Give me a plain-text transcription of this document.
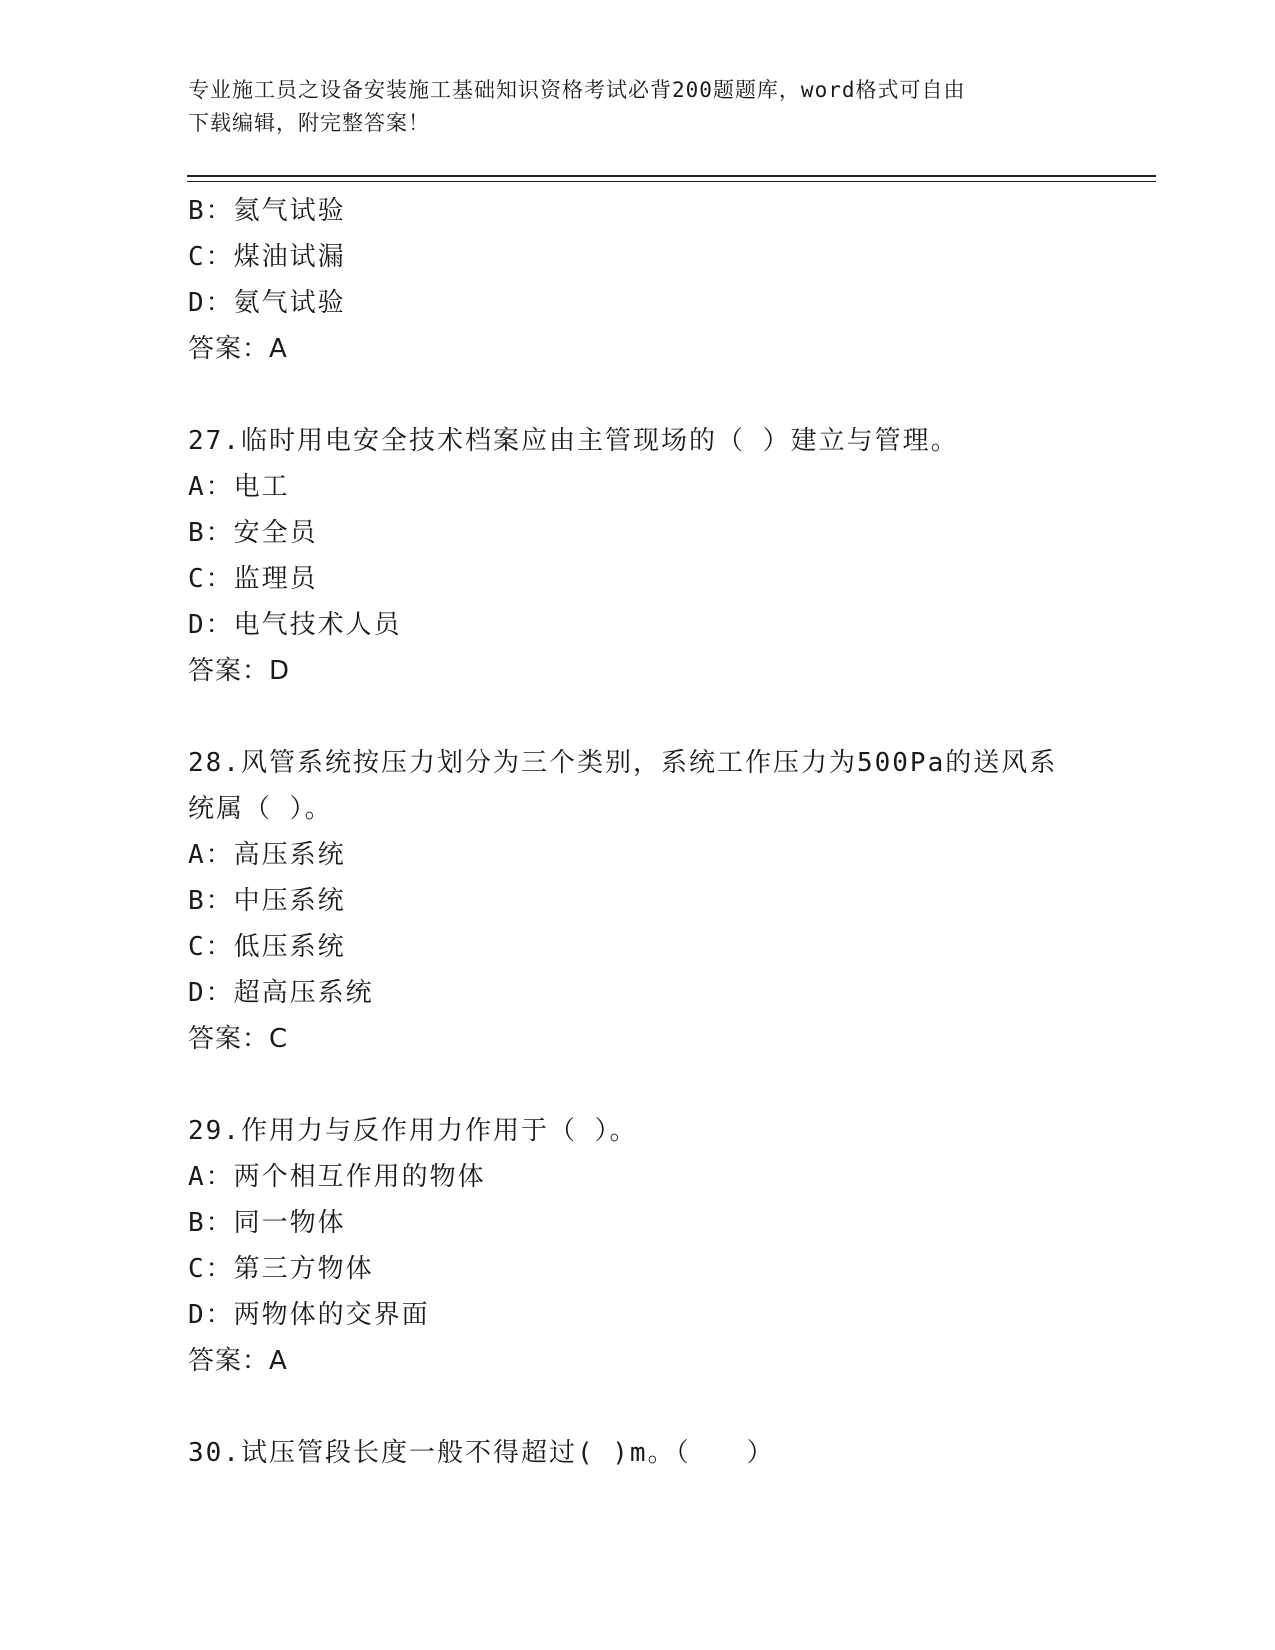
专业施工员之设备安装施工基础知识资格考试必背200题题库，word格式可自由
下载编辑，附完整答案！
B：氦气试验
C：煤油试漏
D：氨气试验
答案：A
27.临时用电安全技术档案应由主管现场的（ ）建立与管理。
A：电工
B：安全员
C：监理员
D：电气技术人员
答案：D
28.风管系统按压力划分为三个类别，系统工作压力为500Pa的送风系
统属（ ）。
A：高压系统
B：中压系统
C：低压系统
D：超高压系统
答案：C
29.作用力与反作用力作用于（ ）。
A：两个相互作用的物体
B：同一物体
C：第三方物体
D：两物体的交界面
答案：A
30.试压管段长度一般不得超过( )m。（　　）
